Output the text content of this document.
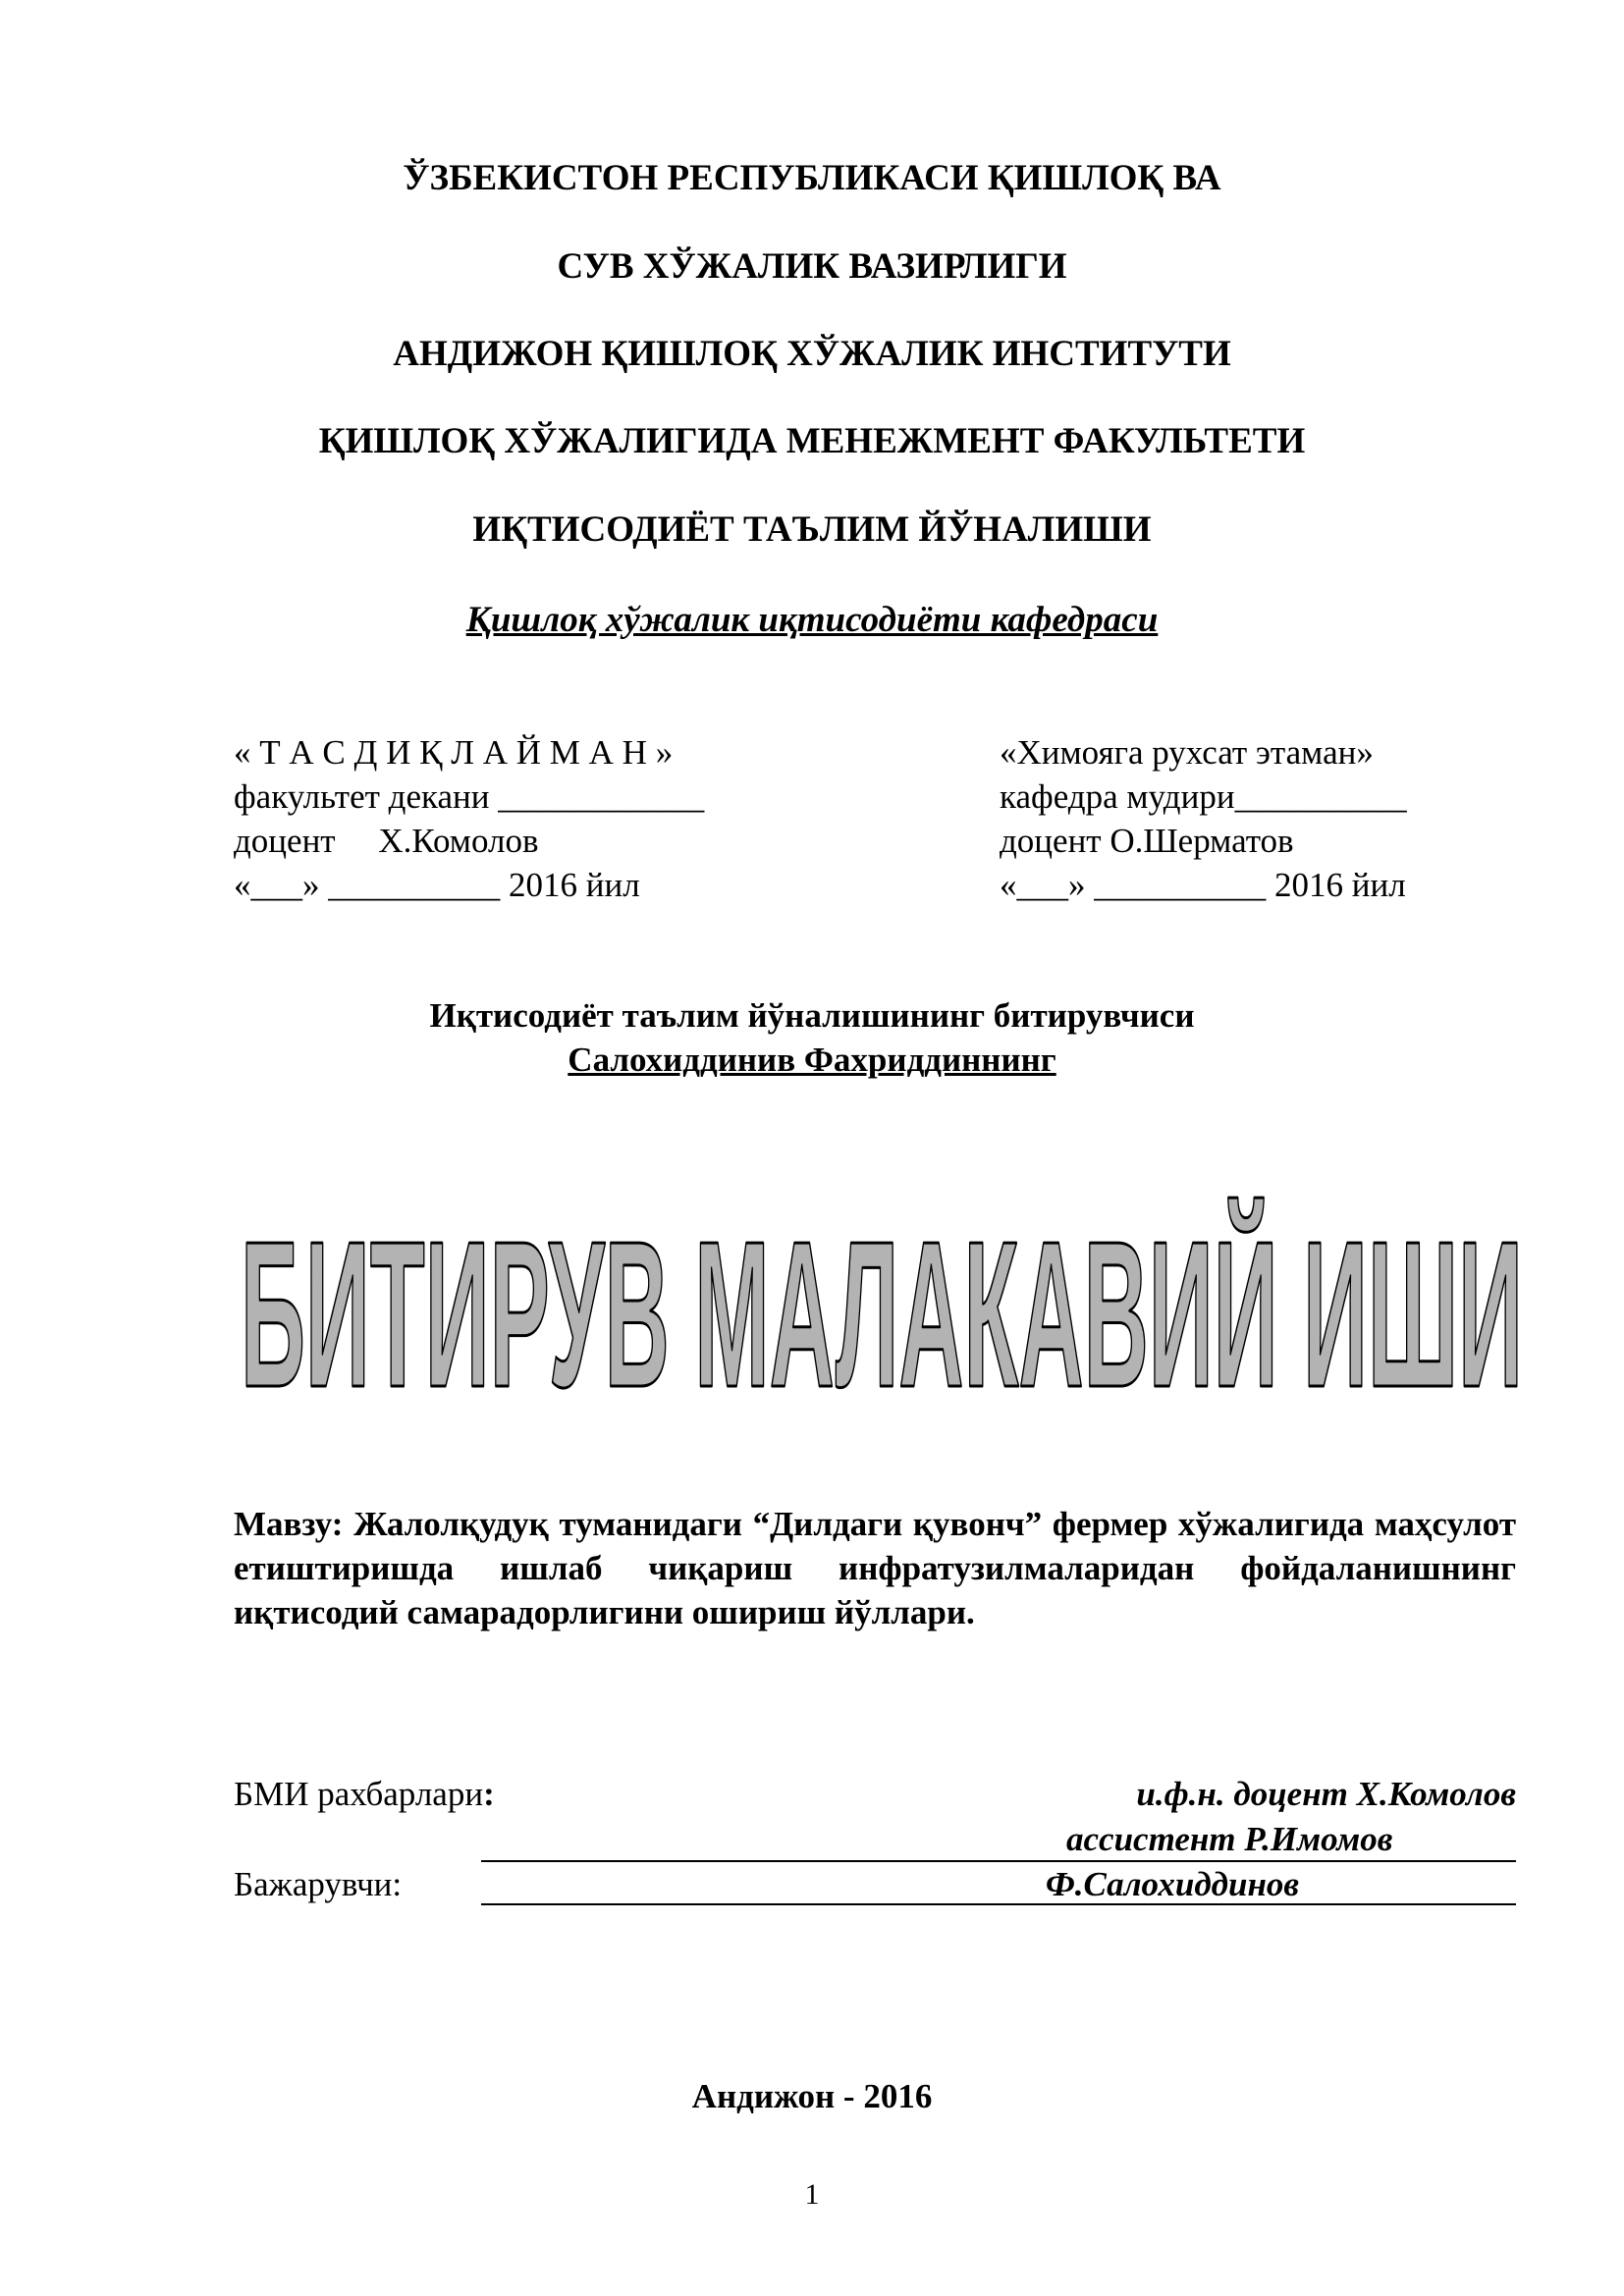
ЎЗБЕКИСТОН РЕСПУБЛИКАСИ ҚИШЛОҚ ВА
СУВ ХЎЖАЛИК ВАЗИРЛИГИ
АНДИЖОН ҚИШЛОҚ ХЎЖАЛИК ИНСТИТУТИ
ҚИШЛОҚ ХЎЖАЛИГИДА МЕНЕЖМЕНТ ФАКУЛЬТЕТИ
ИҚТИСОДИЁТ ТАЪЛИМ ЙЎНАЛИШИ
Қишлоқ хўжалик иқтисодиёти кафедраси
« Т А С Д И Қ Л А Й М А Н »
факультет декани ____________
доцент     Х.Комолов
«___» __________ 2016 йил
«Химояга рухсат этаман»
кафедра мудири__________
доцент О.Шерматов
«___» __________ 2016 йил
Иқтисодиёт таълим йўналишининг битирувчиси
Салохиддинив Фахриддиннинг
БИТИРУВ МАЛАКАВИЙ ИШИ
Мавзу: Жалолқудуқ туманидаги “Дилдаги қувонч” фермер хўжалигида маҳсулот етиштиришда ишлаб чиқариш инфратузилмаларидан фойдаланишнинг иқтисодий самарадорлигини ошириш йўллари.
БМИ рахбарлари:	и.ф.н. доцент Х.Комолов
ассистент Р.Имомов
Бажарувчи:	Ф.Салохиддинов
Андижон - 2016
1
